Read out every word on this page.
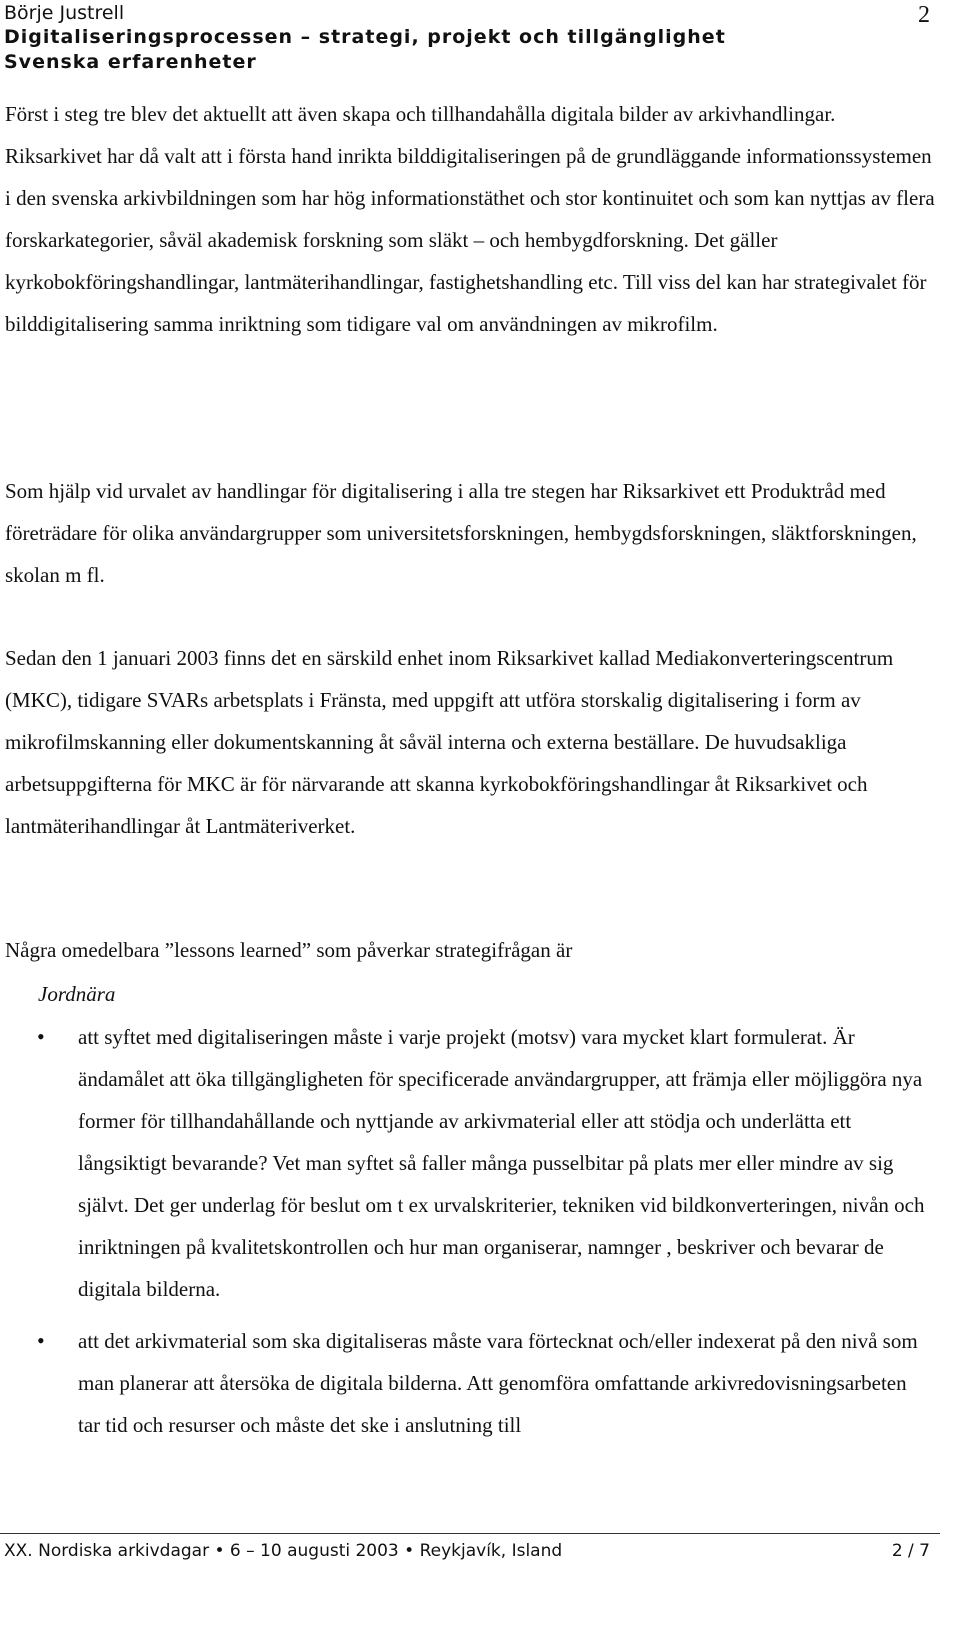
Börje Justrell
Digitaliseringsprocessen – strategi, projekt och tillgänglighet
Svenska erfarenheter
2

Först i steg tre blev det aktuellt att även skapa och tillhandahålla digitala bilder av arkivhandlingar. Riksarkivet har då valt att i första hand inrikta bilddigitaliseringen på de grundläggande informationssystemen i den svenska arkivbildningen som har hög informationstäthet och stor kontinuitet och som kan nyttjas av flera forskarkategorier, såväl akademisk forskning som släkt – och hembygdforskning. Det gäller kyrkobokföringshandlingar, lantmäterihandlingar, fastighetshandling etc. Till viss del kan har strategivalet för bilddigitalisering samma inriktning som tidigare val om användningen av mikrofilm.

Som hjälp vid urvalet av handlingar för digitalisering i alla tre stegen har Riksarkivet ett Produktråd med företrädare för olika användargrupper som universitetsforskningen, hembygdsforskningen, släktforskningen, skolan m fl.

Sedan den 1 januari 2003 finns det en särskild enhet inom Riksarkivet kallad Mediakonverteringscentrum (MKC), tidigare SVARs arbetsplats i Fränsta, med uppgift att utföra storskalig digitalisering i form av mikrofilmskanning eller dokumentskanning åt såväl interna och externa beställare. De huvudsakliga arbetsuppgifterna för MKC är för närvarande att skanna kyrkobokföringshandlingar åt Riksarkivet och lantmäterihandlingar åt Lantmäteriverket.

Några omedelbara ”lessons learned” som påverkar strategifrågan är

Jordnära
• att syftet med digitaliseringen måste i varje projekt (motsv) vara mycket klart formulerat. Är ändamålet att öka tillgängligheten för specificerade användargrupper, att främja eller möjliggöra nya former för tillhandahållande och nyttjande av arkivmaterial eller att stödja och underlätta ett långsiktigt bevarande? Vet man syftet så faller många pusselbitar på plats mer eller mindre av sig självt. Det ger underlag för beslut om t ex urvalskriterier, tekniken vid bildkonverteringen, nivån och inriktningen på kvalitetskontrollen och hur man organiserar, namnger , beskriver och bevarar de digitala bilderna.
• att det arkivmaterial som ska digitaliseras måste vara förtecknat och/eller indexerat på den nivå som man planerar att återsöka de digitala bilderna. Att genomföra omfattande arkivredovisningsarbeten tar tid och resurser och måste det ske i anslutning till
XX. Nordiska arkivdagar • 6 – 10 augusti 2003 • Reykjavík, Island	2 / 7
